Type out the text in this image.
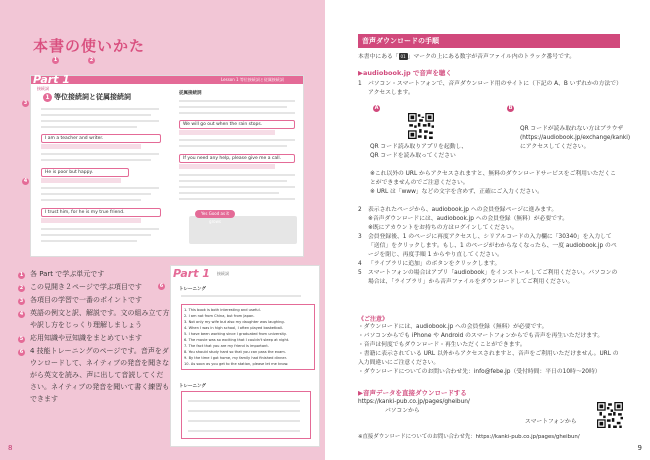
本書の使いかた
1	2
3
4
Part 1	Lesson 1 等位接続詞と従属接続詞
接続詞
1 等位接続詞と従属接続詞
I am a teacher and writer.
He is poor but happy.
I trust him, for he is my true friend.
従属接続詞
We will go out when the rain stops.
If you need any help, please give me a call.
Yes Good as it grows
6
Part 1 接続詞
トレーニング
1. This book is both interesting and useful.
2. I am not from China, but from Japan.
3. Not only my wife but also my daughter was laughing.
4. When I was in high school, I often played basketball.
5. I have been working since I graduated from university.
6. The movie was so exciting that I couldn't sleep at night.
7. The fact that you are my friend is important.
8. You should study hard so that you can pass the exam.
9. By the time I got home, my family had finished dinner.
10. As soon as you get to the station, please let me know.
トレーニング
1 各 Part で学ぶ単元です
2 この見開き２ページで学ぶ項目です
3 各項目の学習で一番のポイントです
4 英語の例文と訳、解説です。文の組み立て方や訳し方をじっくり理解しましょう
5 応用知識や豆知識をまとめています
6 4 技能トレーニングのページです。音声をダウンロードして、ネイティブの発音を聞きながら英文を読み、声に出して音読してください。ネイティブの発音を聞いて書く練習もできます
8
音声ダウンロードの手順
本書中にある「 01 」マークの上にある数字が音声ファイル内のトラック番号です。
▶audiobook.jp で音声を聴く
1	パソコン・スマートフォンで、音声ダウンロード用のサイトに（下記の A、B いずれかの方法で）アクセスします。
A
QR コード読み取りアプリを起動し、
QR コードを読み取ってください
B
QR コードが読み取れない方はブラウザ
(https://audiobook.jp/exchange/kanki)
にアクセスしてください。
※これ以外の URL からアクセスされますと、無料のダウンロードサービスをご利用いただくことができませんのでご注意ください。
※ URL は「www」などの文字を含めず、正確にご入力ください。
2	表示されたページから、audiobook.jp への会員登録ページに進みます。
※音声ダウンロードには、audiobook.jp への会員登録（無料）が必要です。
※既にアカウントをお持ちの方はログインしてください。
3	会員登録後、1 のページに再度アクセスし、シリアルコードの入力欄に「30340」を入力して「送信」をクリックします。もし、1 のページがわからなくなったら、一度 audiobook.jp のページを閉じ、再度手順 1 からやり直してください。
4	「ライブラリに追加」のボタンをクリックします。
5	スマートフォンの場合はアプリ「audiobook」をインストールしてご利用ください。パソコンの場合は、「ライブラリ」から音声ファイルをダウンロードしてご利用ください。
《ご注意》
・ダウンロードには、audiobook.jp への会員登録（無料）が必要です。
・パソコンからでも iPhone や Android のスマートフォンからでも音声を再生いただけます。
・音声は何度でもダウンロード・再生いただくことができます。
・書籍に表示されている URL 以外からアクセスされますと、音声をご利用いただけません。URL の入力間違いにご注意ください。
・ダウンロードについてのお問い合わせ先：info@febe.jp（受付時間：平日の10時〜20時）
▶音声データを直接ダウンロードする
https://kanki-pub.co.jp/pages/gheibun/
パソコンから
スマートフォンから
※直接ダウンロードについてのお問い合わせ先：https://kanki-pub.co.jp/pages/gheibun/
9
